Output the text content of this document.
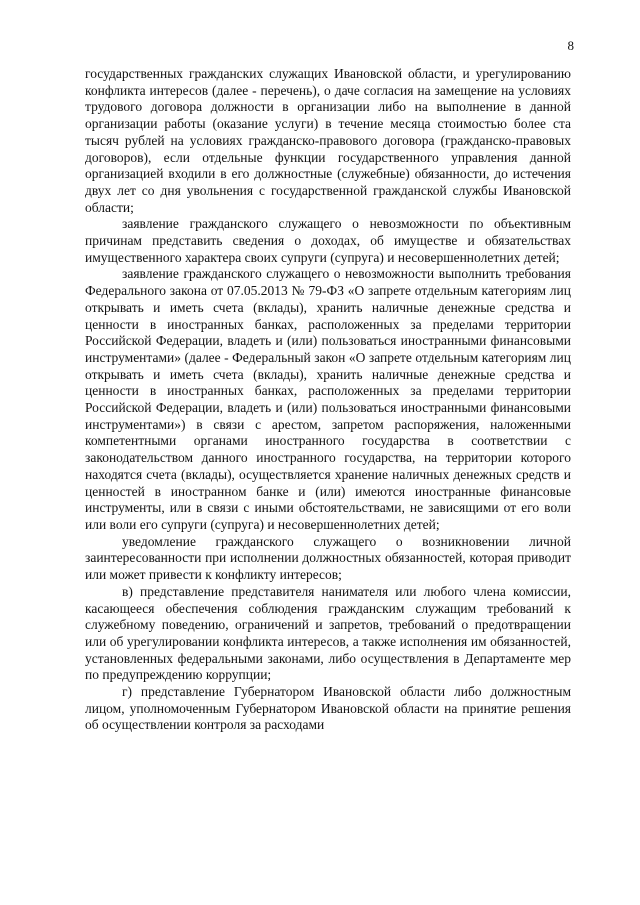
8

государственных гражданских служащих Ивановской области, и урегулированию конфликта интересов (далее - перечень), о даче согласия на замещение на условиях трудового договора должности в организации либо на выполнение в данной организации работы (оказание услуги) в течение месяца стоимостью более ста тысяч рублей на условиях гражданско-правового договора (гражданско-правовых договоров), если отдельные функции государственного управления данной организацией входили в его должностные (служебные) обязанности, до истечения двух лет со дня увольнения с государственной гражданской службы Ивановской области;

заявление гражданского служащего о невозможности по объективным причинам представить сведения о доходах, об имуществе и обязательствах имущественного характера своих супруги (супруга) и несовершеннолетних детей;

заявление гражданского служащего о невозможности выполнить требования Федерального закона от 07.05.2013 № 79-ФЗ «О запрете отдельным категориям лиц открывать и иметь счета (вклады), хранить наличные денежные средства и ценности в иностранных банках, расположенных за пределами территории Российской Федерации, владеть и (или) пользоваться иностранными финансовыми инструментами» (далее - Федеральный закон «О запрете отдельным категориям лиц открывать и иметь счета (вклады), хранить наличные денежные средства и ценности в иностранных банках, расположенных за пределами территории Российской Федерации, владеть и (или) пользоваться иностранными финансовыми инструментами») в связи с арестом, запретом распоряжения, наложенными компетентными органами иностранного государства в соответствии с законодательством данного иностранного государства, на территории которого находятся счета (вклады), осуществляется хранение наличных денежных средств и ценностей в иностранном банке и (или) имеются иностранные финансовые инструменты, или в связи с иными обстоятельствами, не зависящими от его воли или воли его супруги (супруга) и несовершеннолетних детей;

уведомление гражданского служащего о возникновении личной заинтересованности при исполнении должностных обязанностей, которая приводит или может привести к конфликту интересов;

в) представление представителя нанимателя или любого члена комиссии, касающееся обеспечения соблюдения гражданским служащим требований к служебному поведению, ограничений и запретов, требований о предотвращении или об урегулировании конфликта интересов, а также исполнения им обязанностей, установленных федеральными законами, либо осуществления в Департаменте мер по предупреждению коррупции;

г) представление Губернатором Ивановской области либо должностным лицом, уполномоченным Губернатором Ивановской области на принятие решения об осуществлении контроля за расходами
